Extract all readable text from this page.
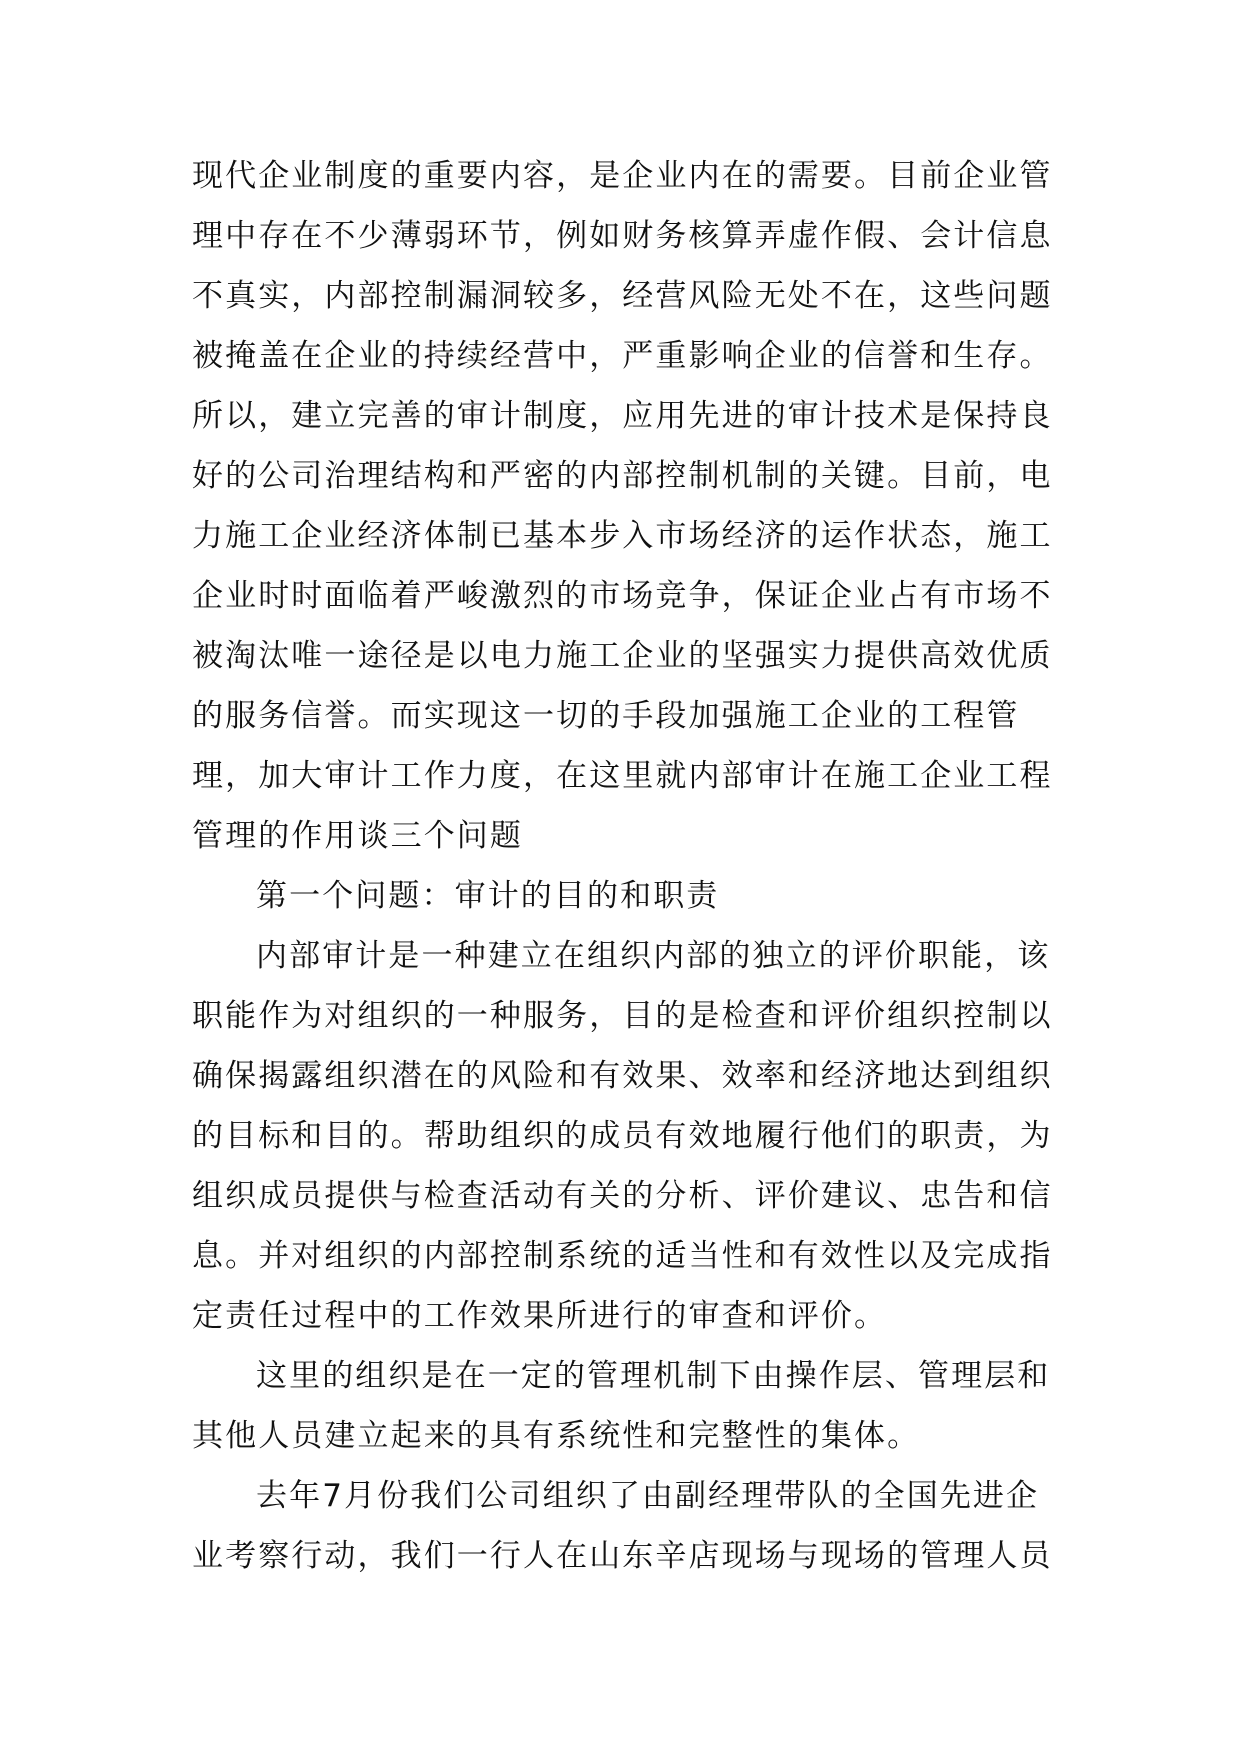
现代企业制度的重要内容，是企业内在的需要。目前企业管理中存在不少薄弱环节，例如财务核算弄虚作假、会计信息不真实，内部控制漏洞较多，经营风险无处不在，这些问题被掩盖在企业的持续经营中，严重影响企业的信誉和生存。所以，建立完善的审计制度，应用先进的审计技术是保持良好的公司治理结构和严密的内部控制机制的关键。目前，电力施工企业经济体制已基本步入市场经济的运作状态，施工企业时时面临着严峻激烈的市场竞争，保证企业占有市场不被淘汰唯一途径是以电力施工企业的坚强实力提供高效优质的服务信誉。而实现这一切的手段加强施工企业的工程管理，加大审计工作力度，在这里就内部审计在施工企业工程管理的作用谈三个问题

第一个问题：审计的目的和职责

内部审计是一种建立在组织内部的独立的评价职能，该职能作为对组织的一种服务，目的是检查和评价组织控制以确保揭露组织潜在的风险和有效果、效率和经济地达到组织的目标和目的。帮助组织的成员有效地履行他们的职责，为组织成员提供与检查活动有关的分析、评价建议、忠告和信息。并对组织的内部控制系统的适当性和有效性以及完成指定责任过程中的工作效果所进行的审查和评价。

这里的组织是在一定的管理机制下由操作层、管理层和其他人员建立起来的具有系统性和完整性的集体。

去年7月份我们公司组织了由副经理带队的全国先进企业考察行动，我们一行人在山东辛店现场与现场的管理人员
